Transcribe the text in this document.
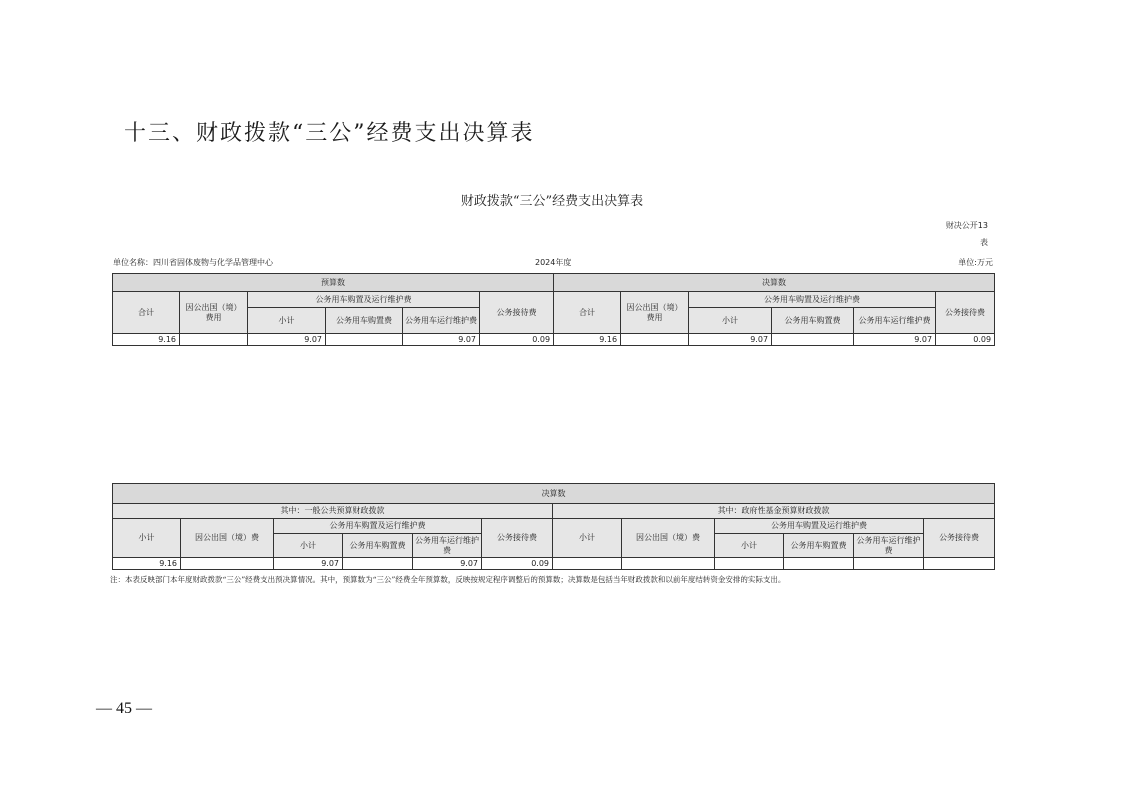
十三、财政拨款“三公”经费支出决算表
财政拨款“三公”经费支出决算表
财决公开13
表
单位名称：四川省固体废物与化学品管理中心	2024年度	单位:万元
预算数						决算数					
合计	因公出国（境）费用	公务用车购置及运行维护费			公务接待费	合计	因公出国（境）费用	公务用车购置及运行维护费			公务接待费
		小计	公务用车购置费	公务用车运行维护费				小计	公务用车购置费	公务用车运行维护费	
9.16		9.07		9.07	0.09	9.16		9.07		9.07	0.09
决算数											
其中：一般公共预算财政拨款						其中：政府性基金预算财政拨款					
小计	因公出国（境）费	公务用车购置及运行维护费			公务接待费	小计	因公出国（境）费	公务用车购置及运行维护费			公务接待费
		小计	公务用车购置费	公务用车运行维护费				小计	公务用车购置费	公务用车运行维护费	
9.16		9.07		9.07	0.09						
注：本表反映部门本年度财政拨款“三公”经费支出预决算情况。其中，预算数为“三公”经费全年预算数，反映按规定程序调整后的预算数；决算数是包括当年财政拨款和以前年度结转资金安排的实际支出。
— 45 —
